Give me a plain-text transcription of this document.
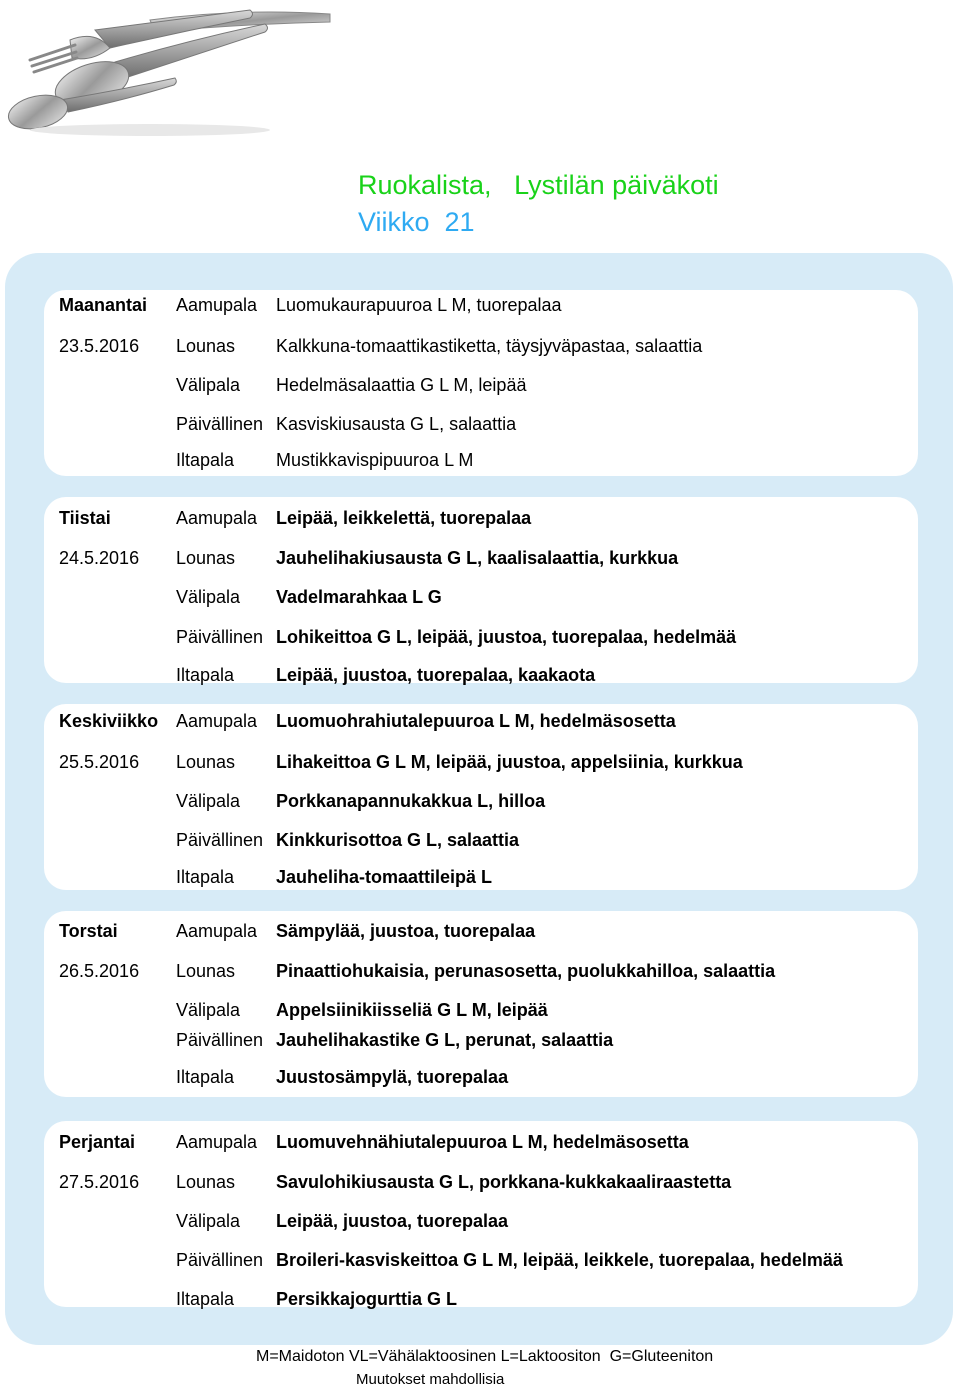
Ruokalista,   Lystilän päiväkoti
Viikko  21
Maanantai
23.5.2016
Aamupala Luomukaurapuuroa L M, tuorepalaa
Lounas Kalkkuna-tomaattikastiketta, täysjyväpastaa, salaattia
Välipala Hedelmäsalaattia G L M, leipää
Päivällinen Kasviskiusausta G L, salaattia
Iltapala Mustikkavispipuuroa L M
Tiistai
24.5.2016
Aamupala Leipää, leikkelettä, tuorepalaa
Lounas Jauhelihakiusausta G L, kaalisalaattia, kurkkua
Välipala Vadelmarahkaa L G
Päivällinen Lohikeittoa G L, leipää, juustoa, tuorepalaa, hedelmää
Iltapala Leipää, juustoa, tuorepalaa, kaakaota
Keskiviikko
25.5.2016
Aamupala Luomuohrahiutalepuuroa L M, hedelmäsosetta
Lounas Lihakeittoa G L M, leipää, juustoa, appelsiinia, kurkkua
Välipala Porkkanapannukakkua L, hilloa
Päivällinen Kinkkurisottoa G L, salaattia
Iltapala Jauheliha-tomaattileipä L
Torstai
26.5.2016
Aamupala Sämpylää, juustoa, tuorepalaa
Lounas Pinaattiohukaisia, perunasosetta, puolukkahilloa, salaattia
Välipala Appelsiinikiisseliä G L M, leipää
Päivällinen Jauhelihakastike G L, perunat, salaattia
Iltapala Juustosämpylä, tuorepalaa
Perjantai
27.5.2016
Aamupala Luomuvehnähiutalepuuroa L M, hedelmäsosetta
Lounas Savulohikiusausta G L, porkkana-kukkakaaliraastetta
Välipala Leipää, juustoa, tuorepalaa
Päivällinen Broileri-kasviskeittoa G L M, leipää, leikkele, tuorepalaa, hedelmää
Iltapala Persikkajogurttia G L
M=Maidoton VL=Vähälaktoosinen L=Laktoositon  G=Gluteeniton
Muutokset mahdollisia
